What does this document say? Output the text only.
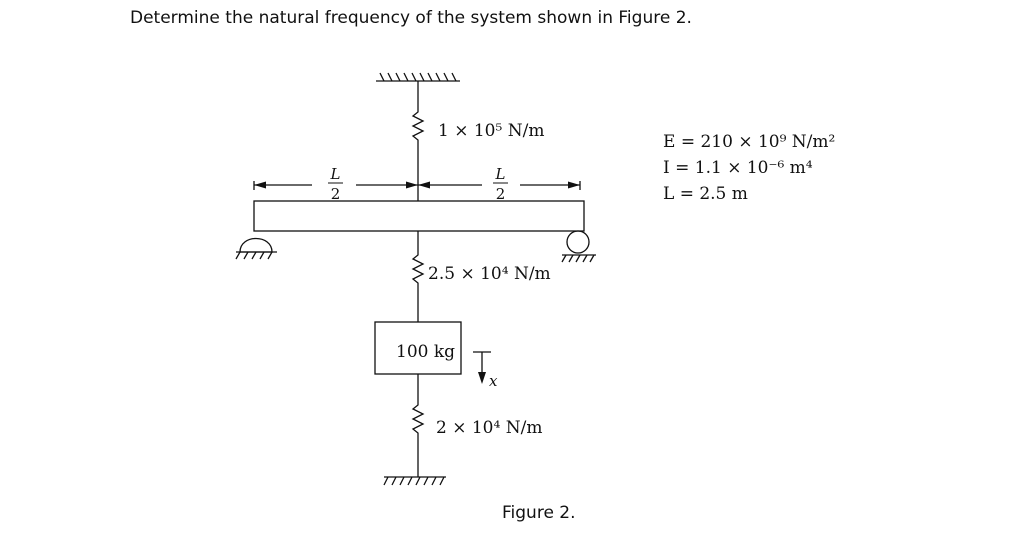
Determine the natural frequency of the system shown in Figure 2.
L
2
L
2
1 × 10⁵ N/m
2.5 × 10⁴ N/m
100 kg
x
2 × 10⁴ N/m
E = 210 × 10⁹ N/m²
I = 1.1 × 10⁻⁶ m⁴
L = 2.5 m
Figure 2.
